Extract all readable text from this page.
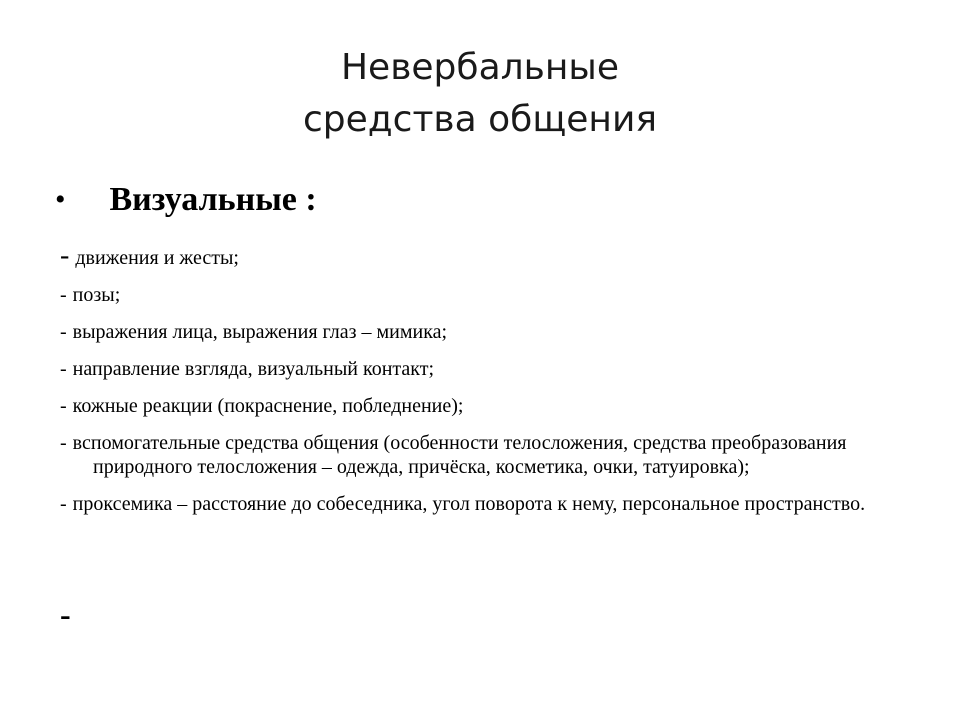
Невербальные
средства общения
• Визуальные :
- движения и жесты;
- позы;
- выражения лица, выражения глаз – мимика;
- направление взгляда, визуальный контакт;
- кожные реакции (покраснение, побледнение);
- вспомогательные средства общения (особенности телосложения, средства преобразования природного телосложения – одежда, причёска, косметика, очки, татуировка);
- проксемика – расстояние до собеседника, угол поворота к нему, персональное пространство.
-
